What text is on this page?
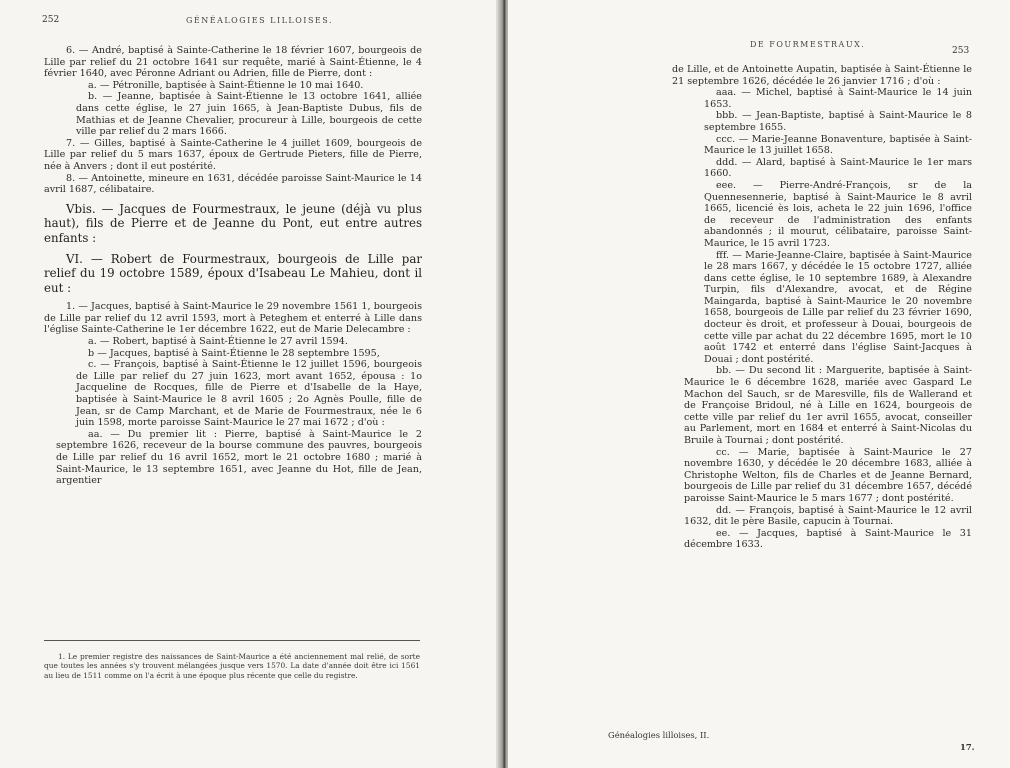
252	GÉNÉALOGIES LILLOISES.

6. — André, baptisé à Sainte-Catherine le 18 février 1607, bourgeois de Lille par relief du 21 octobre 1641 sur requête, marié à Saint-Étienne, le 4 février 1640, avec Péronne Adriant ou Adrien, fille de Pierre, dont :

a. — Pétronille, baptisée à Saint-Étienne le 10 mai 1640.

b. — Jeanne, baptisée à Saint-Étienne le 13 octobre 1641, alliée dans cette église, le 27 juin 1665, à Jean-Baptiste Dubus, fils de Mathias et de Jeanne Chevalier, procureur à Lille, bourgeois de cette ville par relief du 2 mars 1666.

7. — Gilles, baptisé à Sainte-Catherine le 4 juillet 1609, bourgeois de Lille par relief du 5 mars 1637, époux de Gertrude Pieters, fille de Pierre, née à Anvers ; dont il eut postérité.

8. — Antoinette, mineure en 1631, décédée paroisse Saint-Maurice le 14 avril 1687, célibataire.

Vbis. — Jacques de Fourmestraux, le jeune (déjà vu plus haut), fils de Pierre et de Jeanne du Pont, eut entre autres enfants :

VI. — Robert de Fourmestraux, bourgeois de Lille par relief du 19 octobre 1589, époux d'Isabeau Le Mahieu, dont il eut :

1. — Jacques, baptisé à Saint-Maurice le 29 novembre 1561 1, bourgeois de Lille par relief du 12 avril 1593, mort à Peteghem et enterré à Lille dans l'église Sainte-Catherine le 1er décembre 1622, eut de Marie Delecambre :

a. — Robert, baptisé à Saint-Étienne le 27 avril 1594.

b — Jacques, baptisé à Saint-Étienne le 28 septembre 1595,

c. — François, baptisé à Saint-Étienne le 12 juillet 1596, bourgeois de Lille par relief du 27 juin 1623, mort avant 1652, épousa : 1o Jacqueline de Rocques, fille de Pierre et d'Isabelle de la Haye, baptisée à Saint-Maurice le 8 avril 1605 ; 2o Agnès Poulle, fille de Jean, sr de Camp Marchant, et de Marie de Fourmestraux, née le 6 juin 1598, morte paroisse Saint-Maurice le 27 mai 1672 ; d'où :

aa. — Du premier lit : Pierre, baptisé à Saint-Maurice le 2 septembre 1626, receveur de la bourse commune des pauvres, bourgeois de Lille par relief du 16 avril 1652, mort le 21 octobre 1680 ; marié à Saint-Maurice, le 13 septembre 1651, avec Jeanne du Hot, fille de Jean, argentier

1. Le premier registre des naissances de Saint-Maurice a été anciennement mal relié, de sorte que toutes les années s'y trouvent mélangées jusque vers 1570. La date d'année doit être ici 1561 au lieu de 1511 comme on l'a écrit à une époque plus récente que celle du registre.
DE FOURMESTRAUX.
253

de Lille, et de Antoinette Aupatin, baptisée à Saint-Étienne le 21 septembre 1626, décédée le 26 janvier 1716 ; d'où :

aaa. — Michel, baptisé à Saint-Maurice le 14 juin 1653.

bbb. — Jean-Baptiste, baptisé à Saint-Maurice le 8 septembre 1655.

ccc. — Marie-Jeanne Bonaventure, baptisée à Saint-Maurice le 13 juillet 1658.

ddd. — Alard, baptisé à Saint-Maurice le 1er mars 1660.

eee. — Pierre-André-François, sr de la Quennesennerie, baptisé à Saint-Maurice le 8 avril 1665, licencié ès lois, acheta le 22 juin 1696, l'office de receveur de l'administration des enfants abandonnés ; il mourut, célibataire, paroisse Saint-Maurice, le 15 avril 1723.

fff. — Marie-Jeanne-Claire, baptisée à Saint-Maurice le 28 mars 1667, y décédée le 15 octobre 1727, alliée dans cette église, le 10 septembre 1689, à Alexandre Turpin, fils d'Alexandre, avocat, et de Régine Maingarda, baptisé à Saint-Maurice le 20 novembre 1658, bourgeois de Lille par relief du 23 février 1690, docteur ès droit, et professeur à Douai, bourgeois de cette ville par achat du 22 décembre 1695, mort le 10 août 1742 et enterré dans l'église Saint-Jacques à Douai ; dont postérité.

bb. — Du second lit : Marguerite, baptisée à Saint-Maurice le 6 décembre 1628, mariée avec Gaspard Le Machon del Sauch, sr de Maresville, fils de Wallerand et de Françoise Bridoul, né à Lille en 1624, bourgeois de cette ville par relief du 1er avril 1655, avocat, conseiller au Parlement, mort en 1684 et enterré à Saint-Nicolas du Bruile à Tournai ; dont postérité.

cc. — Marie, baptisée à Saint-Maurice le 27 novembre 1630, y décédée le 20 décembre 1683, alliée à Christophe Welton, fils de Charles et de Jeanne Bernard, bourgeois de Lille par relief du 31 décembre 1657, décédé paroisse Saint-Maurice le 5 mars 1677 ; dont postérité.

dd. — François, baptisé à Saint-Maurice le 12 avril 1632, dit le père Basile, capucin à Tournai.

ee. — Jacques, baptisé à Saint-Maurice le 31 décembre 1633.

Généalogies lilloises, II.
17.
